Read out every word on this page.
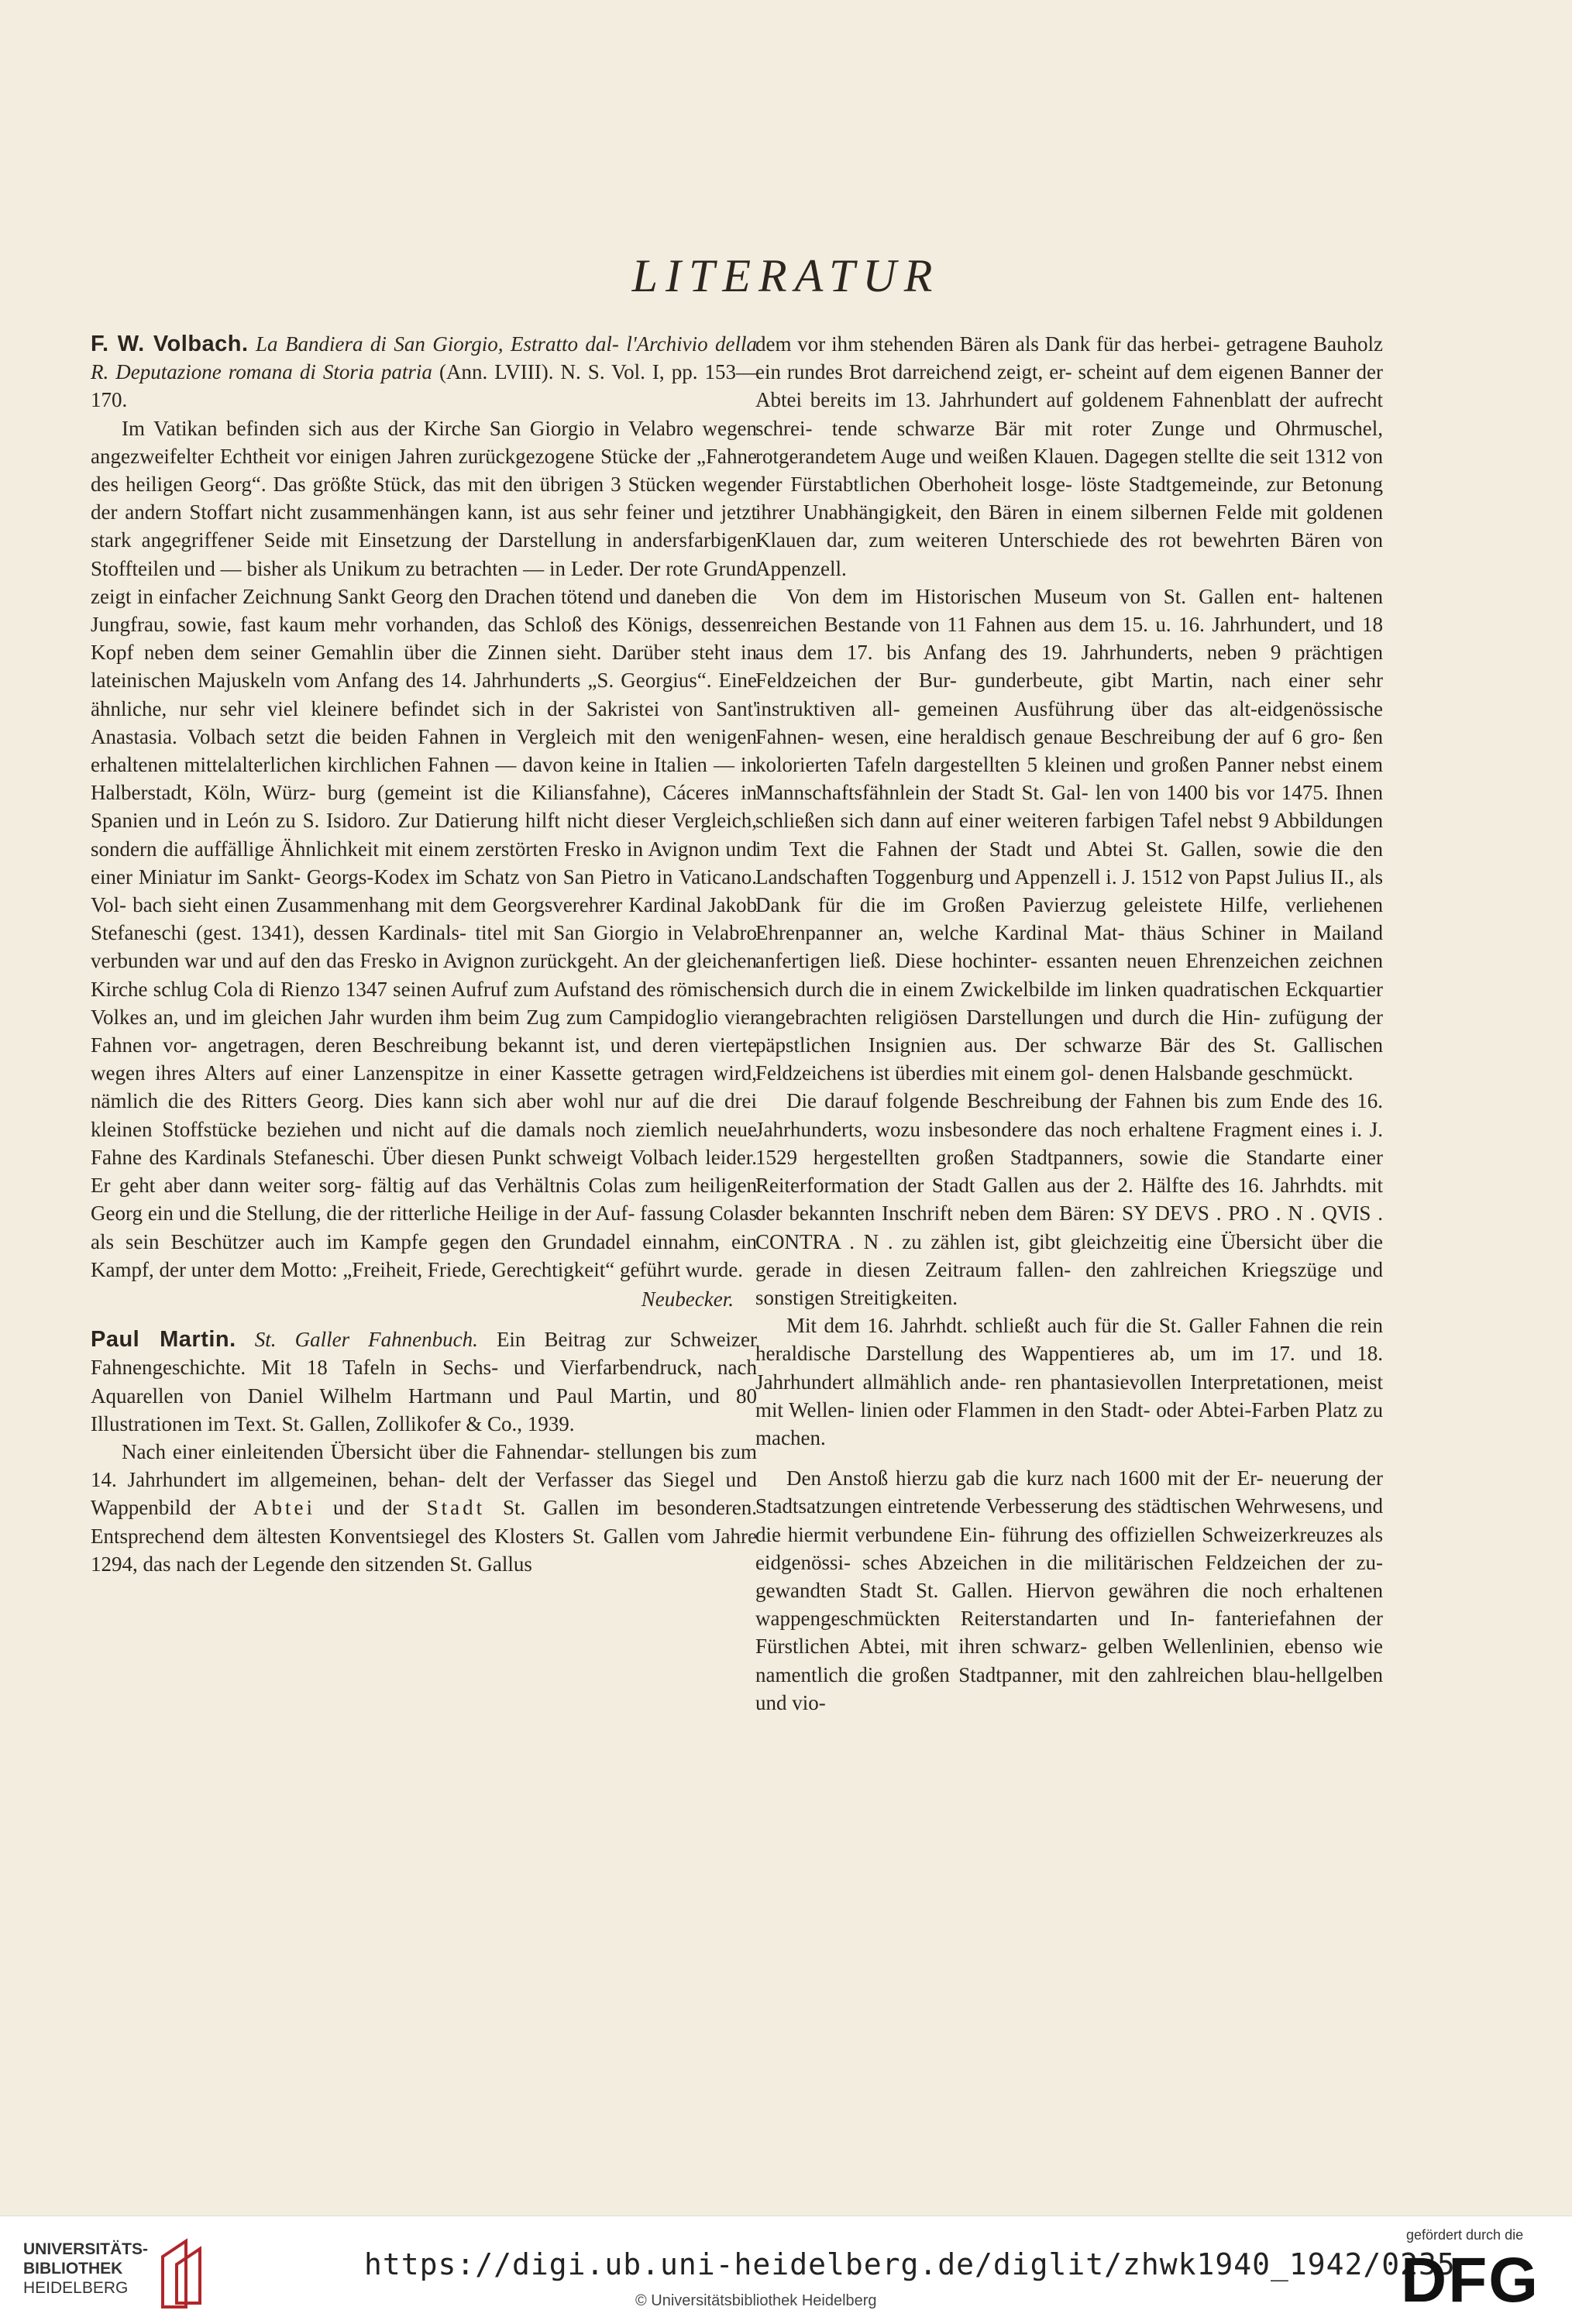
LITERATUR

F. W. Volbach. La Bandiera di San Giorgio, Estratto dal- l'Archivio della R. Deputazione romana di Storia patria (Ann. LVIII). N. S. Vol. I, pp. 153—170.

Im Vatikan befinden sich aus der Kirche San Giorgio in Velabro wegen angezweifelter Echtheit vor einigen Jahren zurückgezogene Stücke der „Fahne des heiligen Georg“. Das größte Stück, das mit den übrigen 3 Stücken wegen der andern Stoffart nicht zusammenhängen kann, ist aus sehr feiner und jetzt stark angegriffener Seide mit Einsetzung der Darstellung in andersfarbigen Stoffteilen und — bisher als Unikum zu betrachten — in Leder. Der rote Grund zeigt in einfacher Zeichnung Sankt Georg den Drachen tötend und daneben die Jungfrau, sowie, fast kaum mehr vorhanden, das Schloß des Königs, dessen Kopf neben dem seiner Gemahlin über die Zinnen sieht. Darüber steht in lateinischen Majuskeln vom Anfang des 14. Jahrhunderts „S. Georgius“. Eine ähnliche, nur sehr viel kleinere befindet sich in der Sakristei von Sant' Anastasia. Volbach setzt die beiden Fahnen in Vergleich mit den wenigen erhaltenen mittelalterlichen kirchlichen Fahnen — davon keine in Italien — in Halberstadt, Köln, Würz- burg (gemeint ist die Kiliansfahne), Cáceres in Spanien und in León zu S. Isidoro. Zur Datierung hilft nicht dieser Vergleich, sondern die auffällige Ähnlichkeit mit einem zerstörten Fresko in Avignon und einer Miniatur im Sankt- Georgs-Kodex im Schatz von San Pietro in Vaticano. Vol- bach sieht einen Zusammenhang mit dem Georgsverehrer Kardinal Jakob Stefaneschi (gest. 1341), dessen Kardinals- titel mit San Giorgio in Velabro verbunden war und auf den das Fresko in Avignon zurückgeht. An der gleichen Kirche schlug Cola di Rienzo 1347 seinen Aufruf zum Aufstand des römischen Volkes an, und im gleichen Jahr wurden ihm beim Zug zum Campidoglio vier Fahnen vor- angetragen, deren Beschreibung bekannt ist, und deren vierte wegen ihres Alters auf einer Lanzenspitze in einer Kassette getragen wird, nämlich die des Ritters Georg. Dies kann sich aber wohl nur auf die drei kleinen Stoffstücke beziehen und nicht auf die damals noch ziemlich neue Fahne des Kardinals Stefaneschi. Über diesen Punkt schweigt Volbach leider. Er geht aber dann weiter sorg- fältig auf das Verhältnis Colas zum heiligen Georg ein und die Stellung, die der ritterliche Heilige in der Auf- fassung Colas als sein Beschützer auch im Kampfe gegen den Grundadel einnahm, ein Kampf, der unter dem Motto: „Freiheit, Friede, Gerechtigkeit“ geführt wurde.

Neubecker.

Paul Martin. St. Galler Fahnenbuch. Ein Beitrag zur Schweizer Fahnengeschichte. Mit 18 Tafeln in Sechs- und Vierfarbendruck, nach Aquarellen von Daniel Wilhelm Hartmann und Paul Martin, und 80 Illustrationen im Text. St. Gallen, Zollikofer & Co., 1939.

Nach einer einleitenden Übersicht über die Fahnendar- stellungen bis zum 14. Jahrhundert im allgemeinen, behan- delt der Verfasser das Siegel und Wappenbild der Abtei und der Stadt St. Gallen im besonderen. Entsprechend dem ältesten Konventsiegel des Klosters St. Gallen vom Jahre 1294, das nach der Legende den sitzenden St. Gallus

dem vor ihm stehenden Bären als Dank für das herbei- getragene Bauholz ein rundes Brot darreichend zeigt, er- scheint auf dem eigenen Banner der Abtei bereits im 13. Jahrhundert auf goldenem Fahnenblatt der aufrecht schrei- tende schwarze Bär mit roter Zunge und Ohrmuschel, rotgerandetem Auge und weißen Klauen. Dagegen stellte die seit 1312 von der Fürstabtlichen Oberhoheit losge- löste Stadtgemeinde, zur Betonung ihrer Unabhängigkeit, den Bären in einem silbernen Felde mit goldenen Klauen dar, zum weiteren Unterschiede des rot bewehrten Bären von Appenzell.

Von dem im Historischen Museum von St. Gallen ent- haltenen reichen Bestande von 11 Fahnen aus dem 15. u. 16. Jahrhundert, und 18 aus dem 17. bis Anfang des 19. Jahrhunderts, neben 9 prächtigen Feldzeichen der Bur- gunderbeute, gibt Martin, nach einer sehr instruktiven all- gemeinen Ausführung über das alt-eidgenössische Fahnen- wesen, eine heraldisch genaue Beschreibung der auf 6 gro- ßen kolorierten Tafeln dargestellten 5 kleinen und großen Panner nebst einem Mannschaftsfähnlein der Stadt St. Gal- len von 1400 bis vor 1475. Ihnen schließen sich dann auf einer weiteren farbigen Tafel nebst 9 Abbildungen im Text die Fahnen der Stadt und Abtei St. Gallen, sowie die den Landschaften Toggenburg und Appenzell i. J. 1512 von Papst Julius II., als Dank für die im Großen Pavierzug geleistete Hilfe, verliehenen Ehrenpanner an, welche Kardinal Mat- thäus Schiner in Mailand anfertigen ließ. Diese hochinter- essanten neuen Ehrenzeichen zeichnen sich durch die in einem Zwickelbilde im linken quadratischen Eckquartier angebrachten religiösen Darstellungen und durch die Hin- zufügung der päpstlichen Insignien aus. Der schwarze Bär des St. Gallischen Feldzeichens ist überdies mit einem gol- denen Halsbande geschmückt.

Die darauf folgende Beschreibung der Fahnen bis zum Ende des 16. Jahrhunderts, wozu insbesondere das noch erhaltene Fragment eines i. J. 1529 hergestellten großen Stadtpanners, sowie die Standarte einer Reiterformation der Stadt Gallen aus der 2. Hälfte des 16. Jahrhdts. mit der bekannten Inschrift neben dem Bären: SY DEVS . PRO . N . QVIS . CONTRA . N . zu zählen ist, gibt gleichzeitig eine Übersicht über die gerade in diesen Zeitraum fallen- den zahlreichen Kriegszüge und sonstigen Streitigkeiten.

Mit dem 16. Jahrhdt. schließt auch für die St. Galler Fahnen die rein heraldische Darstellung des Wappentieres ab, um im 17. und 18. Jahrhundert allmählich ande- ren phantasievollen Interpretationen, meist mit Wellen- linien oder Flammen in den Stadt- oder Abtei-Farben Platz zu machen.

Den Anstoß hierzu gab die kurz nach 1600 mit der Er- neuerung der Stadtsatzungen eintretende Verbesserung des städtischen Wehrwesens, und die hiermit verbundene Ein- führung des offiziellen Schweizerkreuzes als eidgenössi- sches Abzeichen in die militärischen Feldzeichen der zu- gewandten Stadt St. Gallen. Hiervon gewähren die noch erhaltenen wappengeschmückten Reiterstandarten und In- fanteriefahnen der Fürstlichen Abtei, mit ihren schwarz- gelben Wellenlinien, ebenso wie namentlich die großen Stadtpanner, mit den zahlreichen blau-hellgelben und vio-

UNIVERSITÄTS-
BIBLIOTHEK
HEIDELBERG
https://digi.ub.uni-heidelberg.de/diglit/zhwk1940_1942/0235
© Universitätsbibliothek Heidelberg
gefördert durch die
DFG
